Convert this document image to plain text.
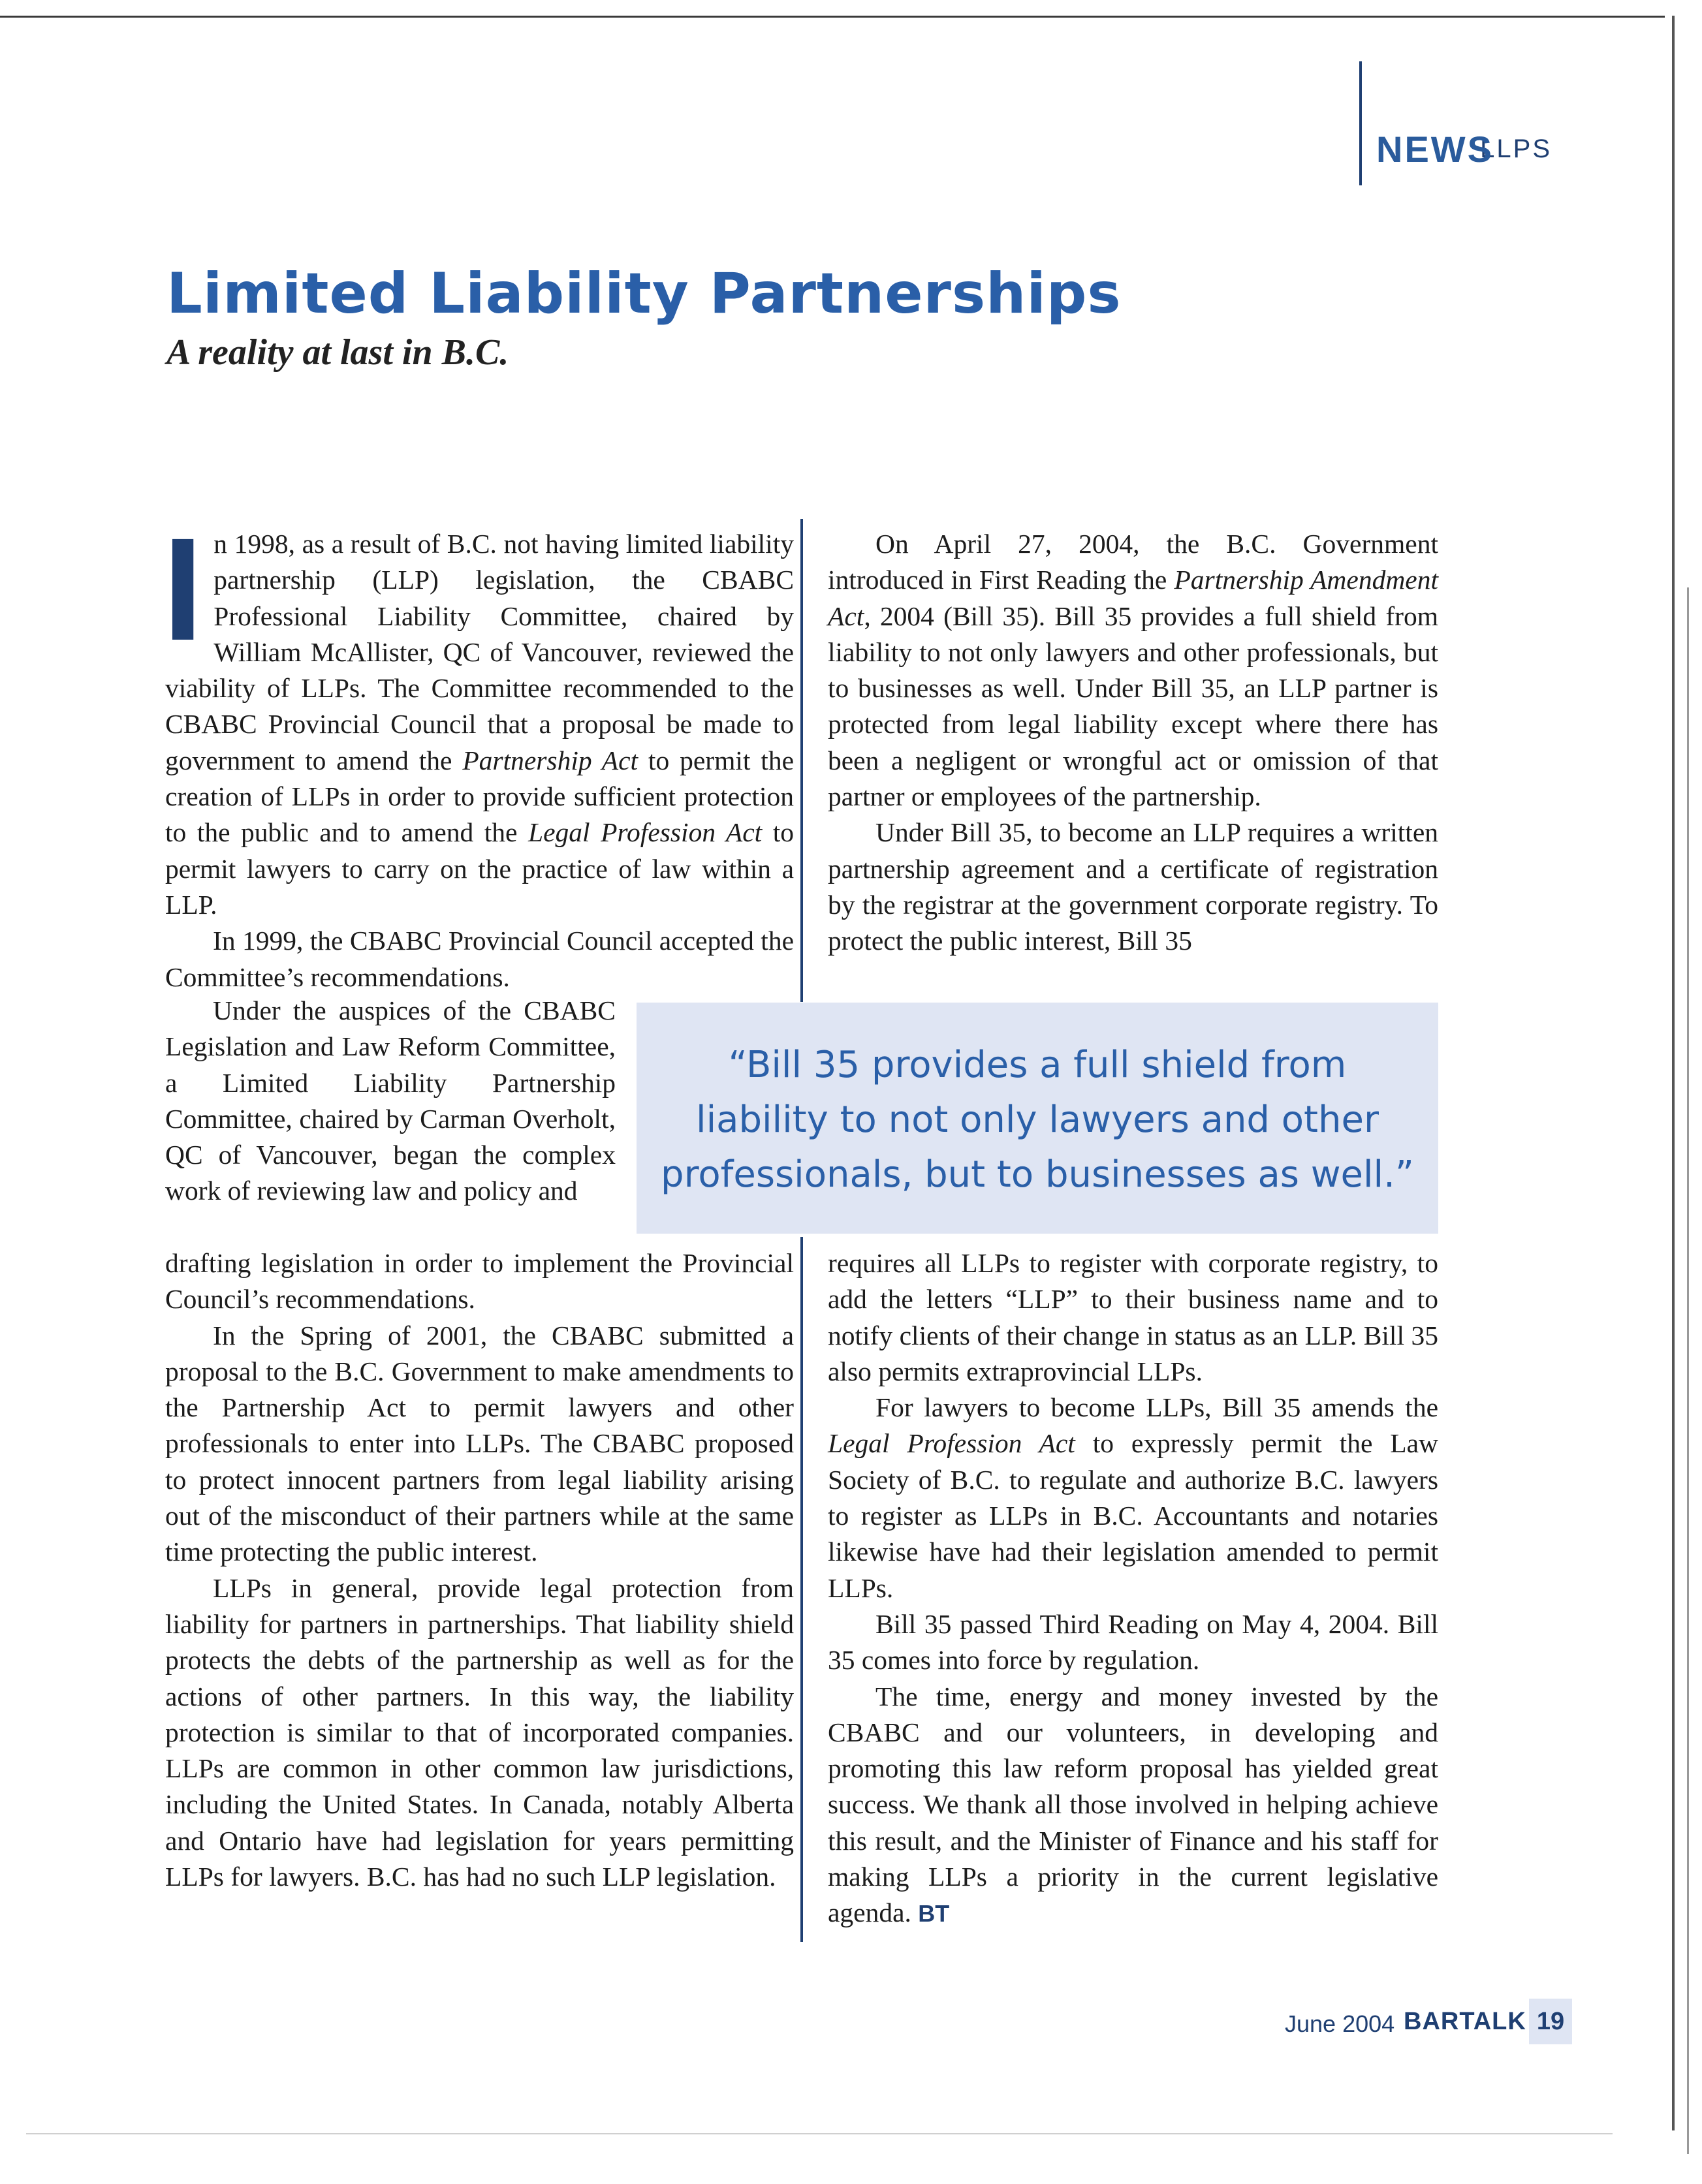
LLPS
NEWS
Limited Liability Partnerships
A reality at last in B.C.

In 1998, as a result of B.C. not having limited liability partnership (LLP) legislation, the CBABC Professional Liability Committee, chaired by William McAllister, QC of Vancouver, reviewed the viability of LLPs. The Committee recommended to the CBABC Provincial Council that a proposal be made to government to amend the Partnership Act to permit the creation of LLPs in order to provide sufficient protection to the public and to amend the Legal Profession Act to permit lawyers to carry on the practice of law within a LLP.

In 1999, the CBABC Provincial Council accepted the Committee’s recommendations.

Under the auspices of the CBABC Legislation and Law Reform Committee, a Limited Liability Partnership Committee, chaired by Carman Overholt, QC of Vancouver, began the complex work of reviewing law and policy and

drafting legislation in order to implement the Provincial Council’s recommendations.

In the Spring of 2001, the CBABC submitted a proposal to the B.C. Government to make amendments to the Partnership Act to permit lawyers and other professionals to enter into LLPs. The CBABC proposed to protect innocent partners from legal liability arising out of the misconduct of their partners while at the same time protecting the public interest.

LLPs in general, provide legal protection from liability for partners in partnerships. That liability shield protects the debts of the partnership as well as for the actions of other partners. In this way, the liability protection is similar to that of incorporated companies. LLPs are common in other common law jurisdictions, including the United States. In Canada, notably Alberta and Ontario have had legislation for years permitting LLPs for lawyers. B.C. has had no such LLP legislation.

On April 27, 2004, the B.C. Government introduced in First Reading the Partnership Amendment Act, 2004 (Bill 35). Bill 35 provides a full shield from liability to not only lawyers and other professionals, but to businesses as well. Under Bill 35, an LLP partner is protected from legal liability except where there has been a negligent or wrongful act or omission of that partner or employees of the partnership.

Under Bill 35, to become an LLP requires a written partnership agreement and a certificate of registration by the registrar at the government corporate registry. To protect the public interest, Bill 35

“Bill 35 provides a full shield from
liability to not only lawyers and other
professionals, but to businesses as well.”

requires all LLPs to register with corporate registry, to add the letters “LLP” to their business name and to notify clients of their change in status as an LLP. Bill 35 also permits extraprovincial LLPs.

For lawyers to become LLPs, Bill 35 amends the Legal Profession Act to expressly permit the Law Society of B.C. to regulate and authorize B.C. lawyers to register as LLPs in B.C. Accountants and notaries likewise have had their legislation amended to permit LLPs.

Bill 35 passed Third Reading on May 4, 2004. Bill 35 comes into force by regulation.

The time, energy and money invested by the CBABC and our volunteers, in developing and promoting this law reform proposal has yielded great success. We thank all those involved in helping achieve this result, and the Minister of Finance and his staff for making LLPs a priority in the current legislative agenda. BT

June 2004 BARTALK 19
